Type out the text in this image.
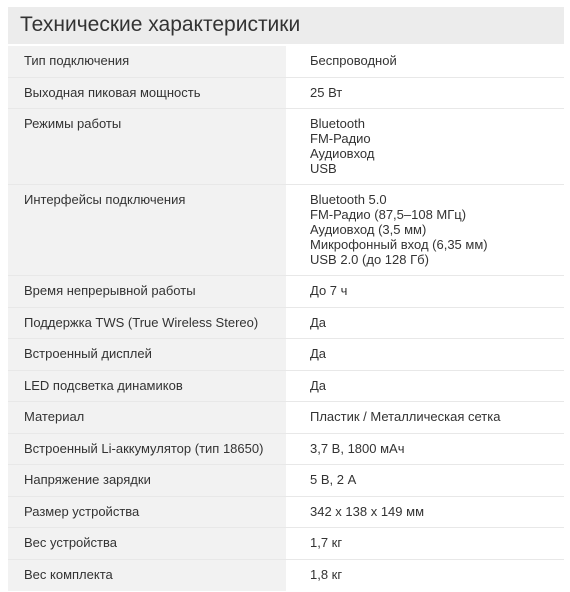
Технические характеристики
Тип подключения	Беспроводной
Выходная пиковая мощность	25 Вт
Режимы работы	Bluetooth
FM-Радио
Аудиовход
USB
Интерфейсы подключения	Bluetooth 5.0
FM-Радио (87,5–108 МГц)
Аудиовход (3,5 мм)
Микрофонный вход (6,35 мм)
USB 2.0 (до 128 Гб)
Время непрерывной работы	До 7 ч
Поддержка TWS (True Wireless Stereo)	Да
Встроенный дисплей	Да
LED подсветка динамиков	Да
Материал	Пластик / Металлическая сетка
Встроенный Li-аккумулятор (тип 18650)	3,7 В, 1800 мАч
Напряжение зарядки	5 В, 2 А
Размер устройства	342 x 138 x 149 мм
Вес устройства	1,7 кг
Вес комплекта	1,8 кг
